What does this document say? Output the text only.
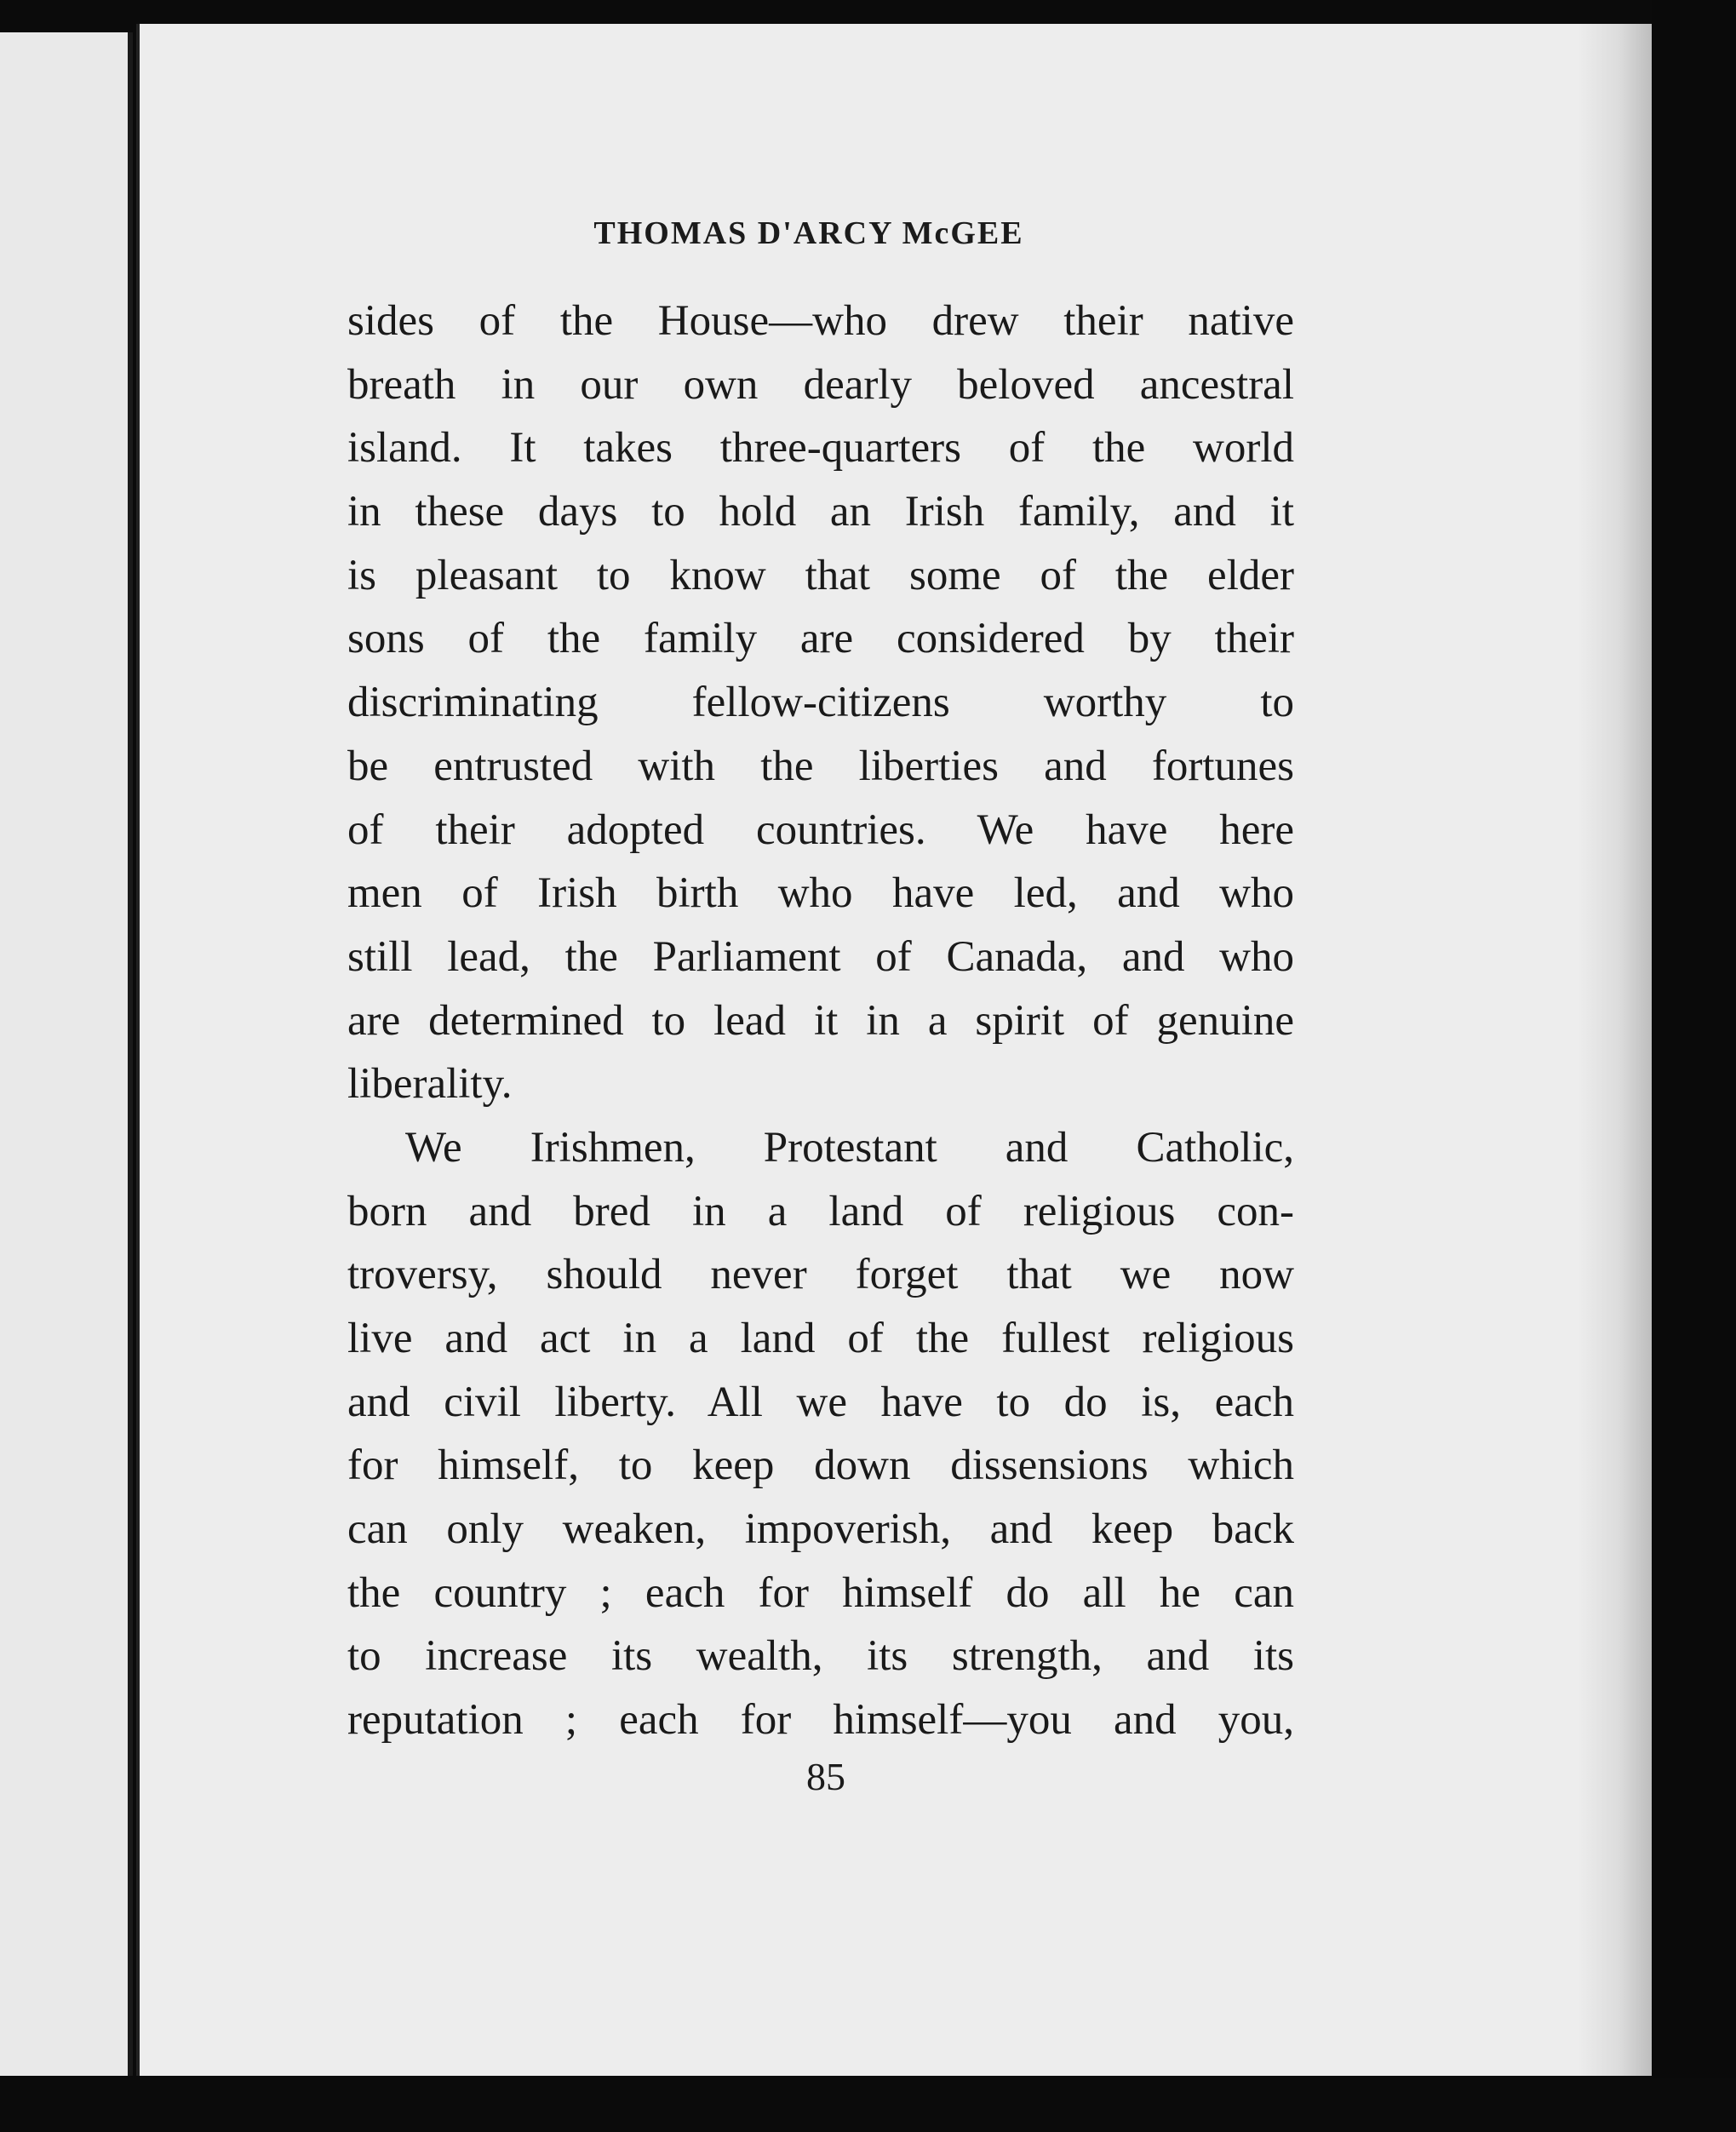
THOMAS D'ARCY McGEE
sides of the House—who drew their native
breath in our own dearly beloved ancestral
island. It takes three-quarters of the world
in these days to hold an Irish family, and it
is pleasant to know that some of the elder
sons of the family are considered by their
discriminating fellow-citizens worthy to
be entrusted with the liberties and fortunes
of their adopted countries. We have here
men of Irish birth who have led, and who
still lead, the Parliament of Canada, and who
are determined to lead it in a spirit of genuine
liberality.
We Irishmen, Protestant and Catholic,
born and bred in a land of religious con-
troversy, should never forget that we now
live and act in a land of the fullest religious
and civil liberty. All we have to do is, each
for himself, to keep down dissensions which
can only weaken, impoverish, and keep back
the country ; each for himself do all he can
to increase its wealth, its strength, and its
reputation ; each for himself—you and you,
85
